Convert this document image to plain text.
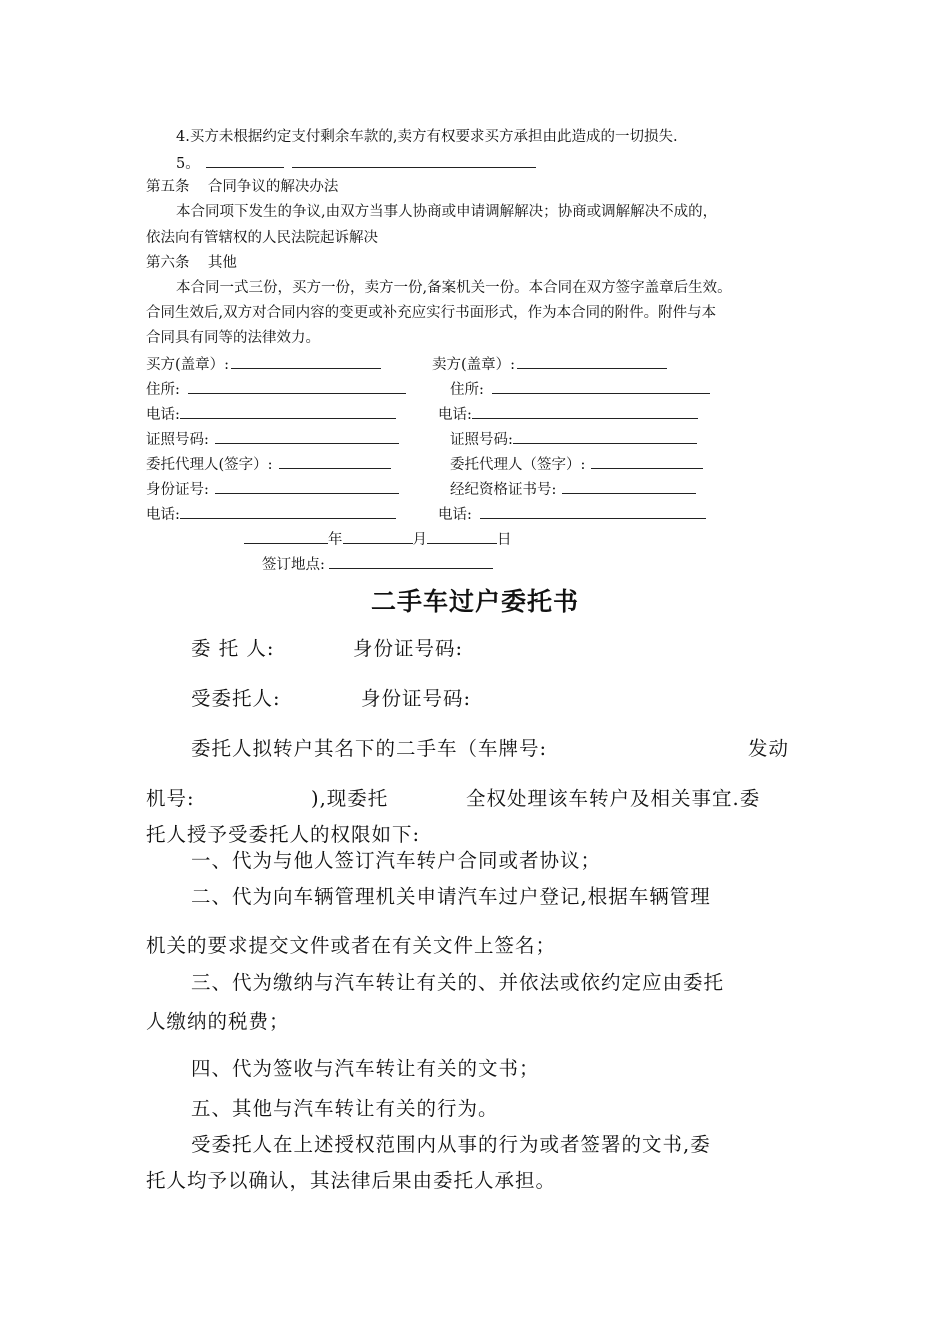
4.买方未根据约定支付剩余车款的,卖方有权要求买方承担由此造成的一切损失.
5。
第五条    合同争议的解决办法
本合同项下发生的争议,由双方当事人协商或申请调解解决；协商或调解解决不成的，
依法向有管辖权的人民法院起诉解决
第六条    其他
本合同一式三份，买方一份，卖方一份,备案机关一份。本合同在双方签字盖章后生效。
合同生效后,双方对合同内容的变更或补充应实行书面形式，作为本合同的附件。附件与本
合同具有同等的法律效力。
买方(盖章）:	卖方(盖章）:
住所:	住所:
电话:	电话:
证照号码:	证照号码:
委托代理人(签字）:	委托代理人（签字）:
身份证号:	经纪资格证书号:
电话:	电话:
年	月	日
签订地点:
二手车过户委托书
委 托 人:	身份证号码:
受委托人:	身份证号码:
委托人拟转户其名下的二手车（车牌号:	发动
机号:	),现委托	全权处理该车转户及相关事宜.委
托人授予受委托人的权限如下:
一、代为与他人签订汽车转户合同或者协议；
二、代为向车辆管理机关申请汽车过户登记,根据车辆管理
机关的要求提交文件或者在有关文件上签名；
三、代为缴纳与汽车转让有关的、并依法或依约定应由委托
人缴纳的税费；
四、代为签收与汽车转让有关的文书；
五、其他与汽车转让有关的行为。
受委托人在上述授权范围内从事的行为或者签署的文书,委
托人均予以确认，其法律后果由委托人承担。
